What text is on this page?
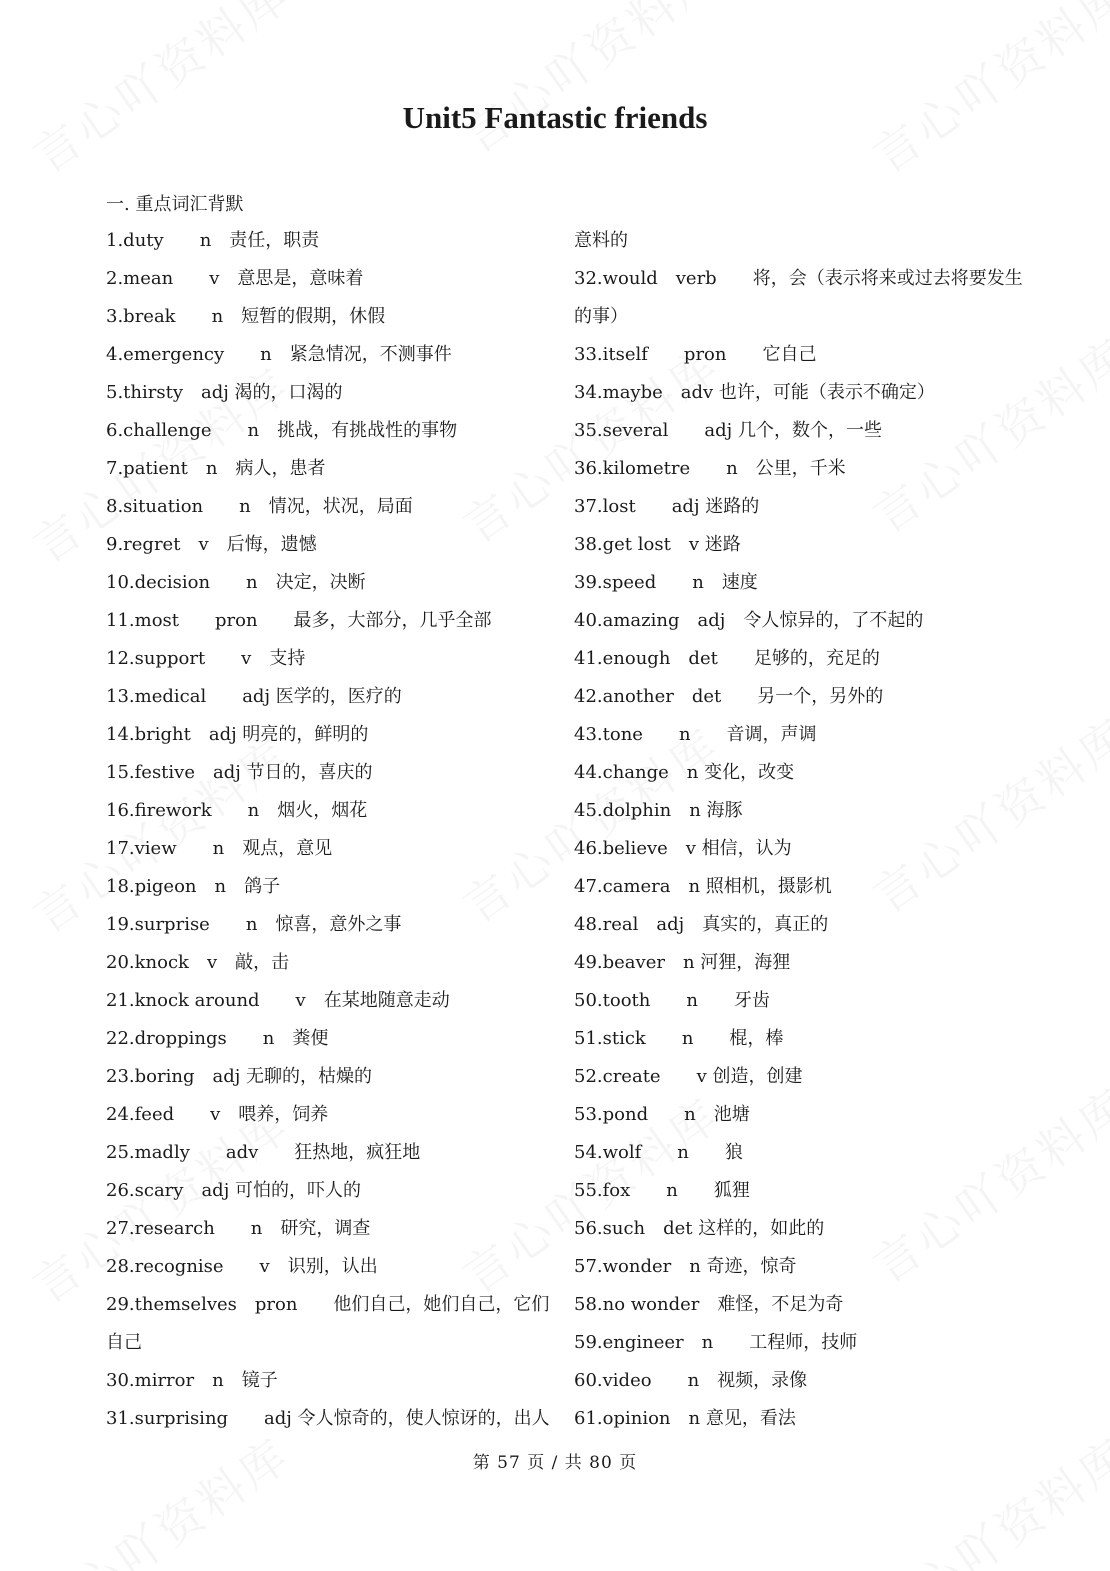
Unit5 Fantastic friends
一. 重点词汇背默
1.duty　　n　责任，职责
2.mean　　v　意思是，意味着
3.break　　n　短暂的假期，休假
4.emergency　　n　紧急情况，不测事件
5.thirsty　adj 渴的，口渴的
6.challenge　　n　挑战，有挑战性的事物
7.patient　n　病人，患者
8.situation　　n　情况，状况，局面
9.regret　v　后悔，遗憾
10.decision　　n　决定，决断
11.most　　pron　　最多，大部分，几乎全部
12.support　　v　支持
13.medical　　adj 医学的，医疗的
14.bright　adj 明亮的，鲜明的
15.festive　adj 节日的，喜庆的
16.firework　　n　烟火，烟花
17.view　　n　观点，意见
18.pigeon　n　鸽子
19.surprise　　n　惊喜，意外之事
20.knock　v　敲，击
21.knock around　　v　在某地随意走动
22.droppings　　n　粪便
23.boring　adj 无聊的，枯燥的
24.feed　　v　喂养，饲养
25.madly　　adv　　狂热地，疯狂地
26.scary　adj 可怕的，吓人的
27.research　　n　研究，调查
28.recognise　　v　识别，认出
29.themselves　pron　　他们自己，她们自己，它们自己
30.mirror　n　镜子
31.surprising　　adj 令人惊奇的，使人惊讶的，出人
意料的
32.would　verb　　将，会（表示将来或过去将要发生的事）
33.itself　　pron　　它自己
34.maybe　adv 也许，可能（表示不确定）
35.several　　adj 几个，数个，一些
36.kilometre　　n　公里，千米
37.lost　　adj 迷路的
38.get lost　v 迷路
39.speed　　n　速度
40.amazing　adj　令人惊异的，了不起的
41.enough　det　　足够的，充足的
42.another　det　　另一个，另外的
43.tone　　n　　音调，声调
44.change　n 变化，改变
45.dolphin　n 海豚
46.believe　v 相信，认为
47.camera　n 照相机，摄影机
48.real　adj　真实的，真正的
49.beaver　n 河狸，海狸
50.tooth　　n　　牙齿
51.stick　　n　　棍，棒
52.create　　v 创造，创建
53.pond　　n　池塘
54.wolf　　n　　狼
55.fox　　n　　狐狸
56.such　det 这样的，如此的
57.wonder　n 奇迹，惊奇
58.no wonder　难怪，不足为奇
59.engineer　n　　工程师，技师
60.video　　n　视频，录像
61.opinion　n 意见，看法
第 57 页 / 共 80 页
